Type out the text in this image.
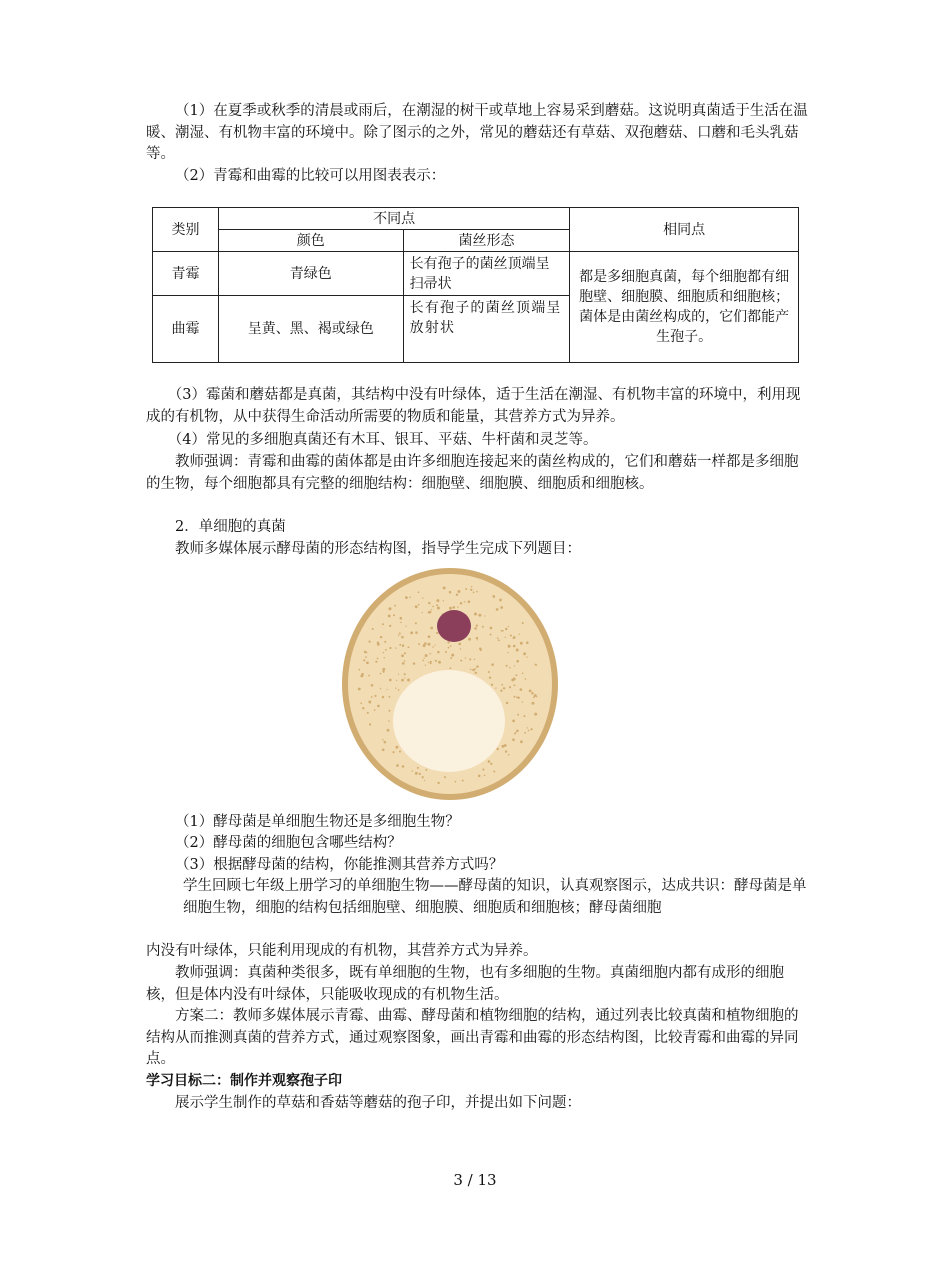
（1）在夏季或秋季的清晨或雨后，在潮湿的树干或草地上容易采到蘑菇。这说明真菌适于生活在温暖、潮湿、有机物丰富的环境中。除了图示的之外，常见的蘑菇还有草菇、双孢蘑菇、口蘑和毛头乳菇等。

（2）青霉和曲霉的比较可以用图表表示：

类别	不同点		相同点
	颜色	菌丝形态	
青霉	青绿色	长有孢子的菌丝顶端呈扫帚状	都是多细胞真菌，每个细胞都有细胞壁、细胞膜、细胞质和细胞核；菌体是由菌丝构成的，它们都能产生孢子。
曲霉	呈黄、黑、褐或绿色	长有孢子的菌丝顶端呈放射状	

（3）霉菌和蘑菇都是真菌，其结构中没有叶绿体，适于生活在潮湿、有机物丰富的环境中，利用现成的有机物，从中获得生命活动所需要的物质和能量，其营养方式为异养。

（4）常见的多细胞真菌还有木耳、银耳、平菇、牛杆菌和灵芝等。

教师强调：青霉和曲霉的菌体都是由许多细胞连接起来的菌丝构成的，它们和蘑菇一样都是多细胞的生物，每个细胞都具有完整的细胞结构：细胞壁、细胞膜、细胞质和细胞核。

2．单细胞的真菌

教师多媒体展示酵母菌的形态结构图，指导学生完成下列题目：

（1）酵母菌是单细胞生物还是多细胞生物？

（2）酵母菌的细胞包含哪些结构？

（3）根据酵母菌的结构，你能推测其营养方式吗？

学生回顾七年级上册学习的单细胞生物——酵母菌的知识，认真观察图示，达成共识：酵母菌是单细胞生物，细胞的结构包括细胞壁、细胞膜、细胞质和细胞核；酵母菌细胞

内没有叶绿体，只能利用现成的有机物，其营养方式为异养。

教师强调：真菌种类很多，既有单细胞的生物，也有多细胞的生物。真菌细胞内都有成形的细胞核，但是体内没有叶绿体，只能吸收现成的有机物生活。

方案二：教师多媒体展示青霉、曲霉、酵母菌和植物细胞的结构，通过列表比较真菌和植物细胞的结构从而推测真菌的营养方式，通过观察图象，画出青霉和曲霉的形态结构图，比较青霉和曲霉的异同点。

学习目标二：制作并观察孢子印

展示学生制作的草菇和香菇等蘑菇的孢子印，并提出如下问题：

3 / 13
